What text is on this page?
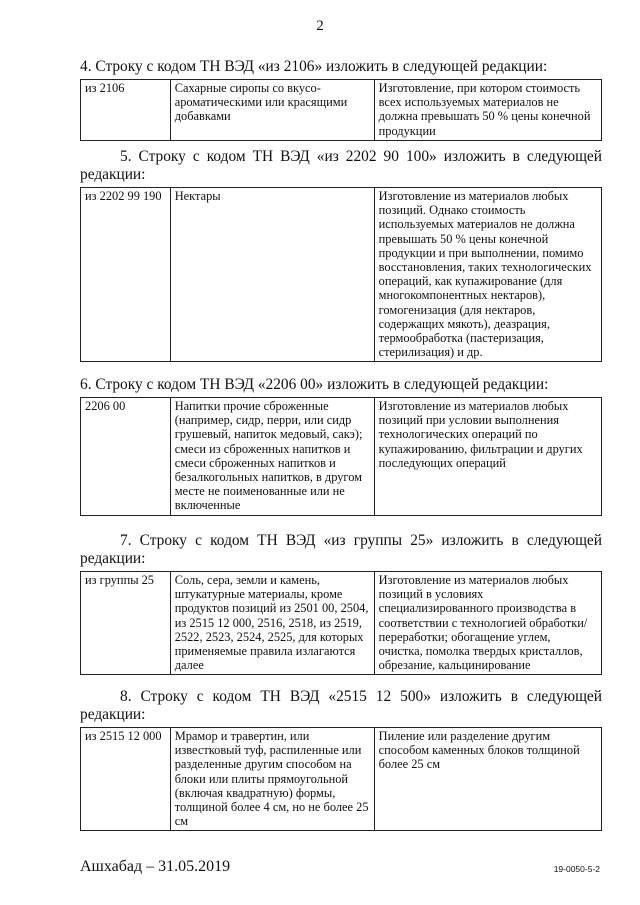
2

4. Строку с кодом ТН ВЭД «из 2106» изложить в следующей редакции:

из 2106	Сахарные сиропы со вкусо-ароматическими или красящими добавками	Изготовление, при котором стоимость всех используемых материалов не должна превышать 50 % цены конечной продукции

5. Строку с кодом ТН ВЭД «из 2202 90 100» изложить в следующей редакции:

из 2202 99 190	Нектары	Изготовление из материалов любых позиций. Однако стоимость используемых материалов не должна превышать 50 % цены конечной продукции и при выполнении, помимо восстановления, таких технологических операций, как купажирование (для многокомпонентных нектаров), гомогенизация (для нектаров, содержащих мякоть), деазрация, термообработка (пастеризация, стерилизация) и др.

6. Строку с кодом ТН ВЭД «2206 00» изложить в следующей редакции:

2206 00	Напитки прочие сброженные (например, сидр, перри, или сидр грушевый, напиток медовый, сакэ); смеси из сброженных напитков и смеси сброженных напитков и безалкогольных напитков, в другом месте не поименованные или не включенные	Изготовление из материалов любых позиций при условии выполнения технологических операций по купажированию, фильтрации и других последующих операций

7. Строку с кодом ТН ВЭД «из группы 25» изложить в следующей редакции:

из группы 25	Соль, сера, земли и камень, штукатурные материалы, кроме продуктов позиций из 2501 00, 2504, из 2515 12 000, 2516, 2518, из 2519, 2522, 2523, 2524, 2525, для которых применяемые правила излагаются далее	Изготовление из материалов любых позиций в условиях специализированного производства в соответствии с технологией обработки/переработки; обогащение углем, очистка, помолка твердых кристаллов, обрезание, кальцинирование

8. Строку с кодом ТН ВЭД «2515 12 500» изложить в следующей редакции:

из 2515 12 000	Мрамор и травертин, или известковый туф, распиленные или разделенные другим способом на блоки или плиты прямоугольной (включая квадратную) формы, толщиной более 4 см, но не более 25 см	Пиление или разделение другим способом каменных блоков толщиной более 25 см
Ашхабад – 31.05.2019	19-0050-5-2
